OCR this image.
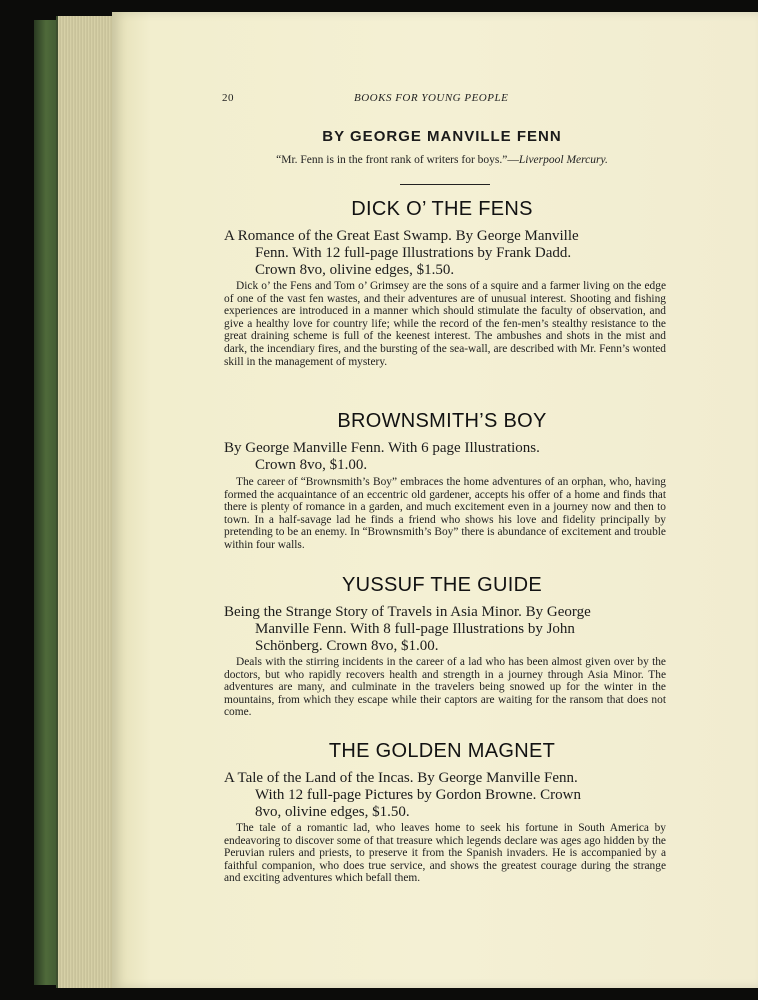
20	BOOKS FOR YOUNG PEOPLE
BY GEORGE MANVILLE FENN
“Mr. Fenn is in the front rank of writers for boys.”—Liverpool Mercury.
DICK O’ THE FENS
A Romance of the Great East Swamp. By George Manville
Fenn. With 12 full-page Illustrations by Frank Dadd.
Crown 8vo, olivine edges, $1.50.
Dick o’ the Fens and Tom o’ Grimsey are the sons of a squire and a farmer living on the edge of one of the vast fen wastes, and their adventures are of unusual interest. Shooting and fishing experiences are introduced in a manner which should stimulate the faculty of observation, and give a healthy love for country life; while the record of the fen-men’s stealthy resistance to the great draining scheme is full of the keenest interest. The ambushes and shots in the mist and dark, the incendiary fires, and the bursting of the sea-wall, are described with Mr. Fenn’s wonted skill in the management of mystery.
BROWNSMITH’S BOY
By George Manville Fenn. With 6 page Illustrations.
Crown 8vo, $1.00.
The career of “Brownsmith’s Boy” embraces the home adventures of an orphan, who, having formed the acquaintance of an eccentric old gardener, accepts his offer of a home and finds that there is plenty of romance in a garden, and much excitement even in a journey now and then to town. In a half-savage lad he finds a friend who shows his love and fidelity principally by pretending to be an enemy. In “Brownsmith’s Boy” there is abundance of excitement and trouble within four walls.
YUSSUF THE GUIDE
Being the Strange Story of Travels in Asia Minor. By George
Manville Fenn. With 8 full-page Illustrations by John
Schönberg. Crown 8vo, $1.00.
Deals with the stirring incidents in the career of a lad who has been almost given over by the doctors, but who rapidly recovers health and strength in a journey through Asia Minor. The adventures are many, and culminate in the travelers being snowed up for the winter in the mountains, from which they escape while their captors are waiting for the ransom that does not come.
THE GOLDEN MAGNET
A Tale of the Land of the Incas. By George Manville Fenn.
With 12 full-page Pictures by Gordon Browne. Crown
8vo, olivine edges, $1.50.
The tale of a romantic lad, who leaves home to seek his fortune in South America by endeavoring to discover some of that treasure which legends declare was ages ago hidden by the Peruvian rulers and priests, to preserve it from the Spanish invaders. He is accompanied by a faithful companion, who does true service, and shows the greatest courage during the strange and exciting adventures which befall them.
